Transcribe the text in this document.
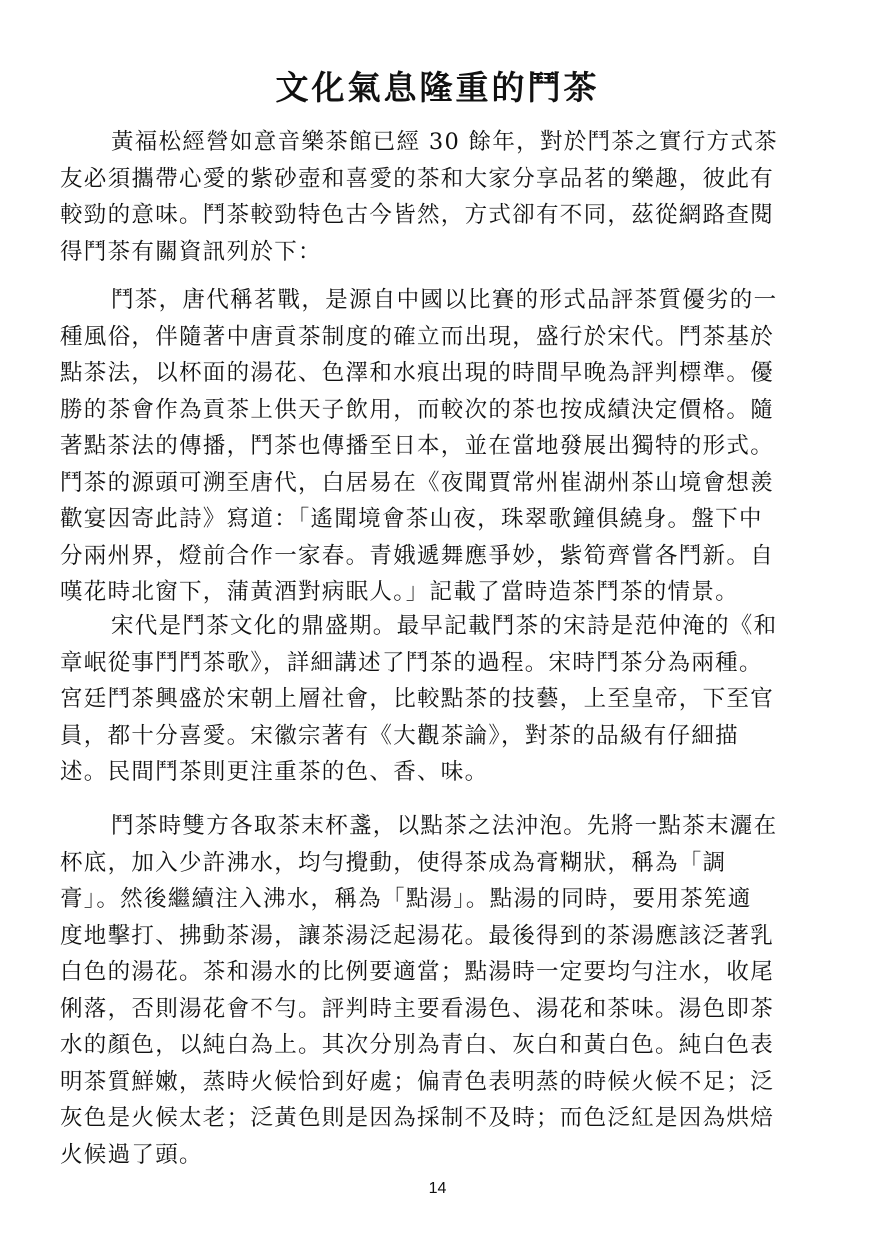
文化氣息隆重的鬥茶
黃福松經營如意音樂茶館已經 30 餘年，對於鬥茶之實行方式茶
友必須攜帶心愛的紫砂壺和喜愛的茶和大家分享品茗的樂趣，彼此有
較勁的意味。鬥茶較勁特色古今皆然，方式卻有不同，茲從網路查閱
得鬥茶有關資訊列於下：
鬥茶，唐代稱茗戰，是源自中國以比賽的形式品評茶質優劣的一
種風俗，伴隨著中唐貢茶制度的確立而出現，盛行於宋代。鬥茶基於
點茶法，以杯面的湯花、色澤和水痕出現的時間早晚為評判標準。優
勝的茶會作為貢茶上供天子飲用，而較次的茶也按成績決定價格。隨
著點茶法的傳播，鬥茶也傳播至日本，並在當地發展出獨特的形式。
鬥茶的源頭可溯至唐代，白居易在《夜聞賈常州崔湖州茶山境會想羨
歡宴因寄此詩》寫道：「遙聞境會茶山夜，珠翠歌鐘俱繞身。盤下中
分兩州界，燈前合作一家春。青娥遞舞應爭妙，紫筍齊嘗各鬥新。自
嘆花時北窗下，蒲黃酒對病眠人。」記載了當時造茶鬥茶的情景。
宋代是鬥茶文化的鼎盛期。最早記載鬥茶的宋詩是范仲淹的《和
章岷從事鬥鬥茶歌》，詳細講述了鬥茶的過程。宋時鬥茶分為兩種。
宮廷鬥茶興盛於宋朝上層社會，比較點茶的技藝，上至皇帝，下至官
員，都十分喜愛。宋徽宗著有《大觀茶論》，對茶的品級有仔細描
述。民間鬥茶則更注重茶的色、香、味。
鬥茶時雙方各取茶末杯盞，以點茶之法沖泡。先將一點茶末灑在
杯底，加入少許沸水，均勻攪動，使得茶成為膏糊狀，稱為「調
膏」。然後繼續注入沸水，稱為「點湯」。點湯的同時，要用茶筅適
度地擊打、拂動茶湯，讓茶湯泛起湯花。最後得到的茶湯應該泛著乳
白色的湯花。茶和湯水的比例要適當；點湯時一定要均勻注水，收尾
俐落，否則湯花會不勻。評判時主要看湯色、湯花和茶味。湯色即茶
水的顏色，以純白為上。其次分別為青白、灰白和黃白色。純白色表
明茶質鮮嫩，蒸時火候恰到好處；偏青色表明蒸的時候火候不足；泛
灰色是火候太老；泛黃色則是因為採制不及時；而色泛紅是因為烘焙
火候過了頭。
14
